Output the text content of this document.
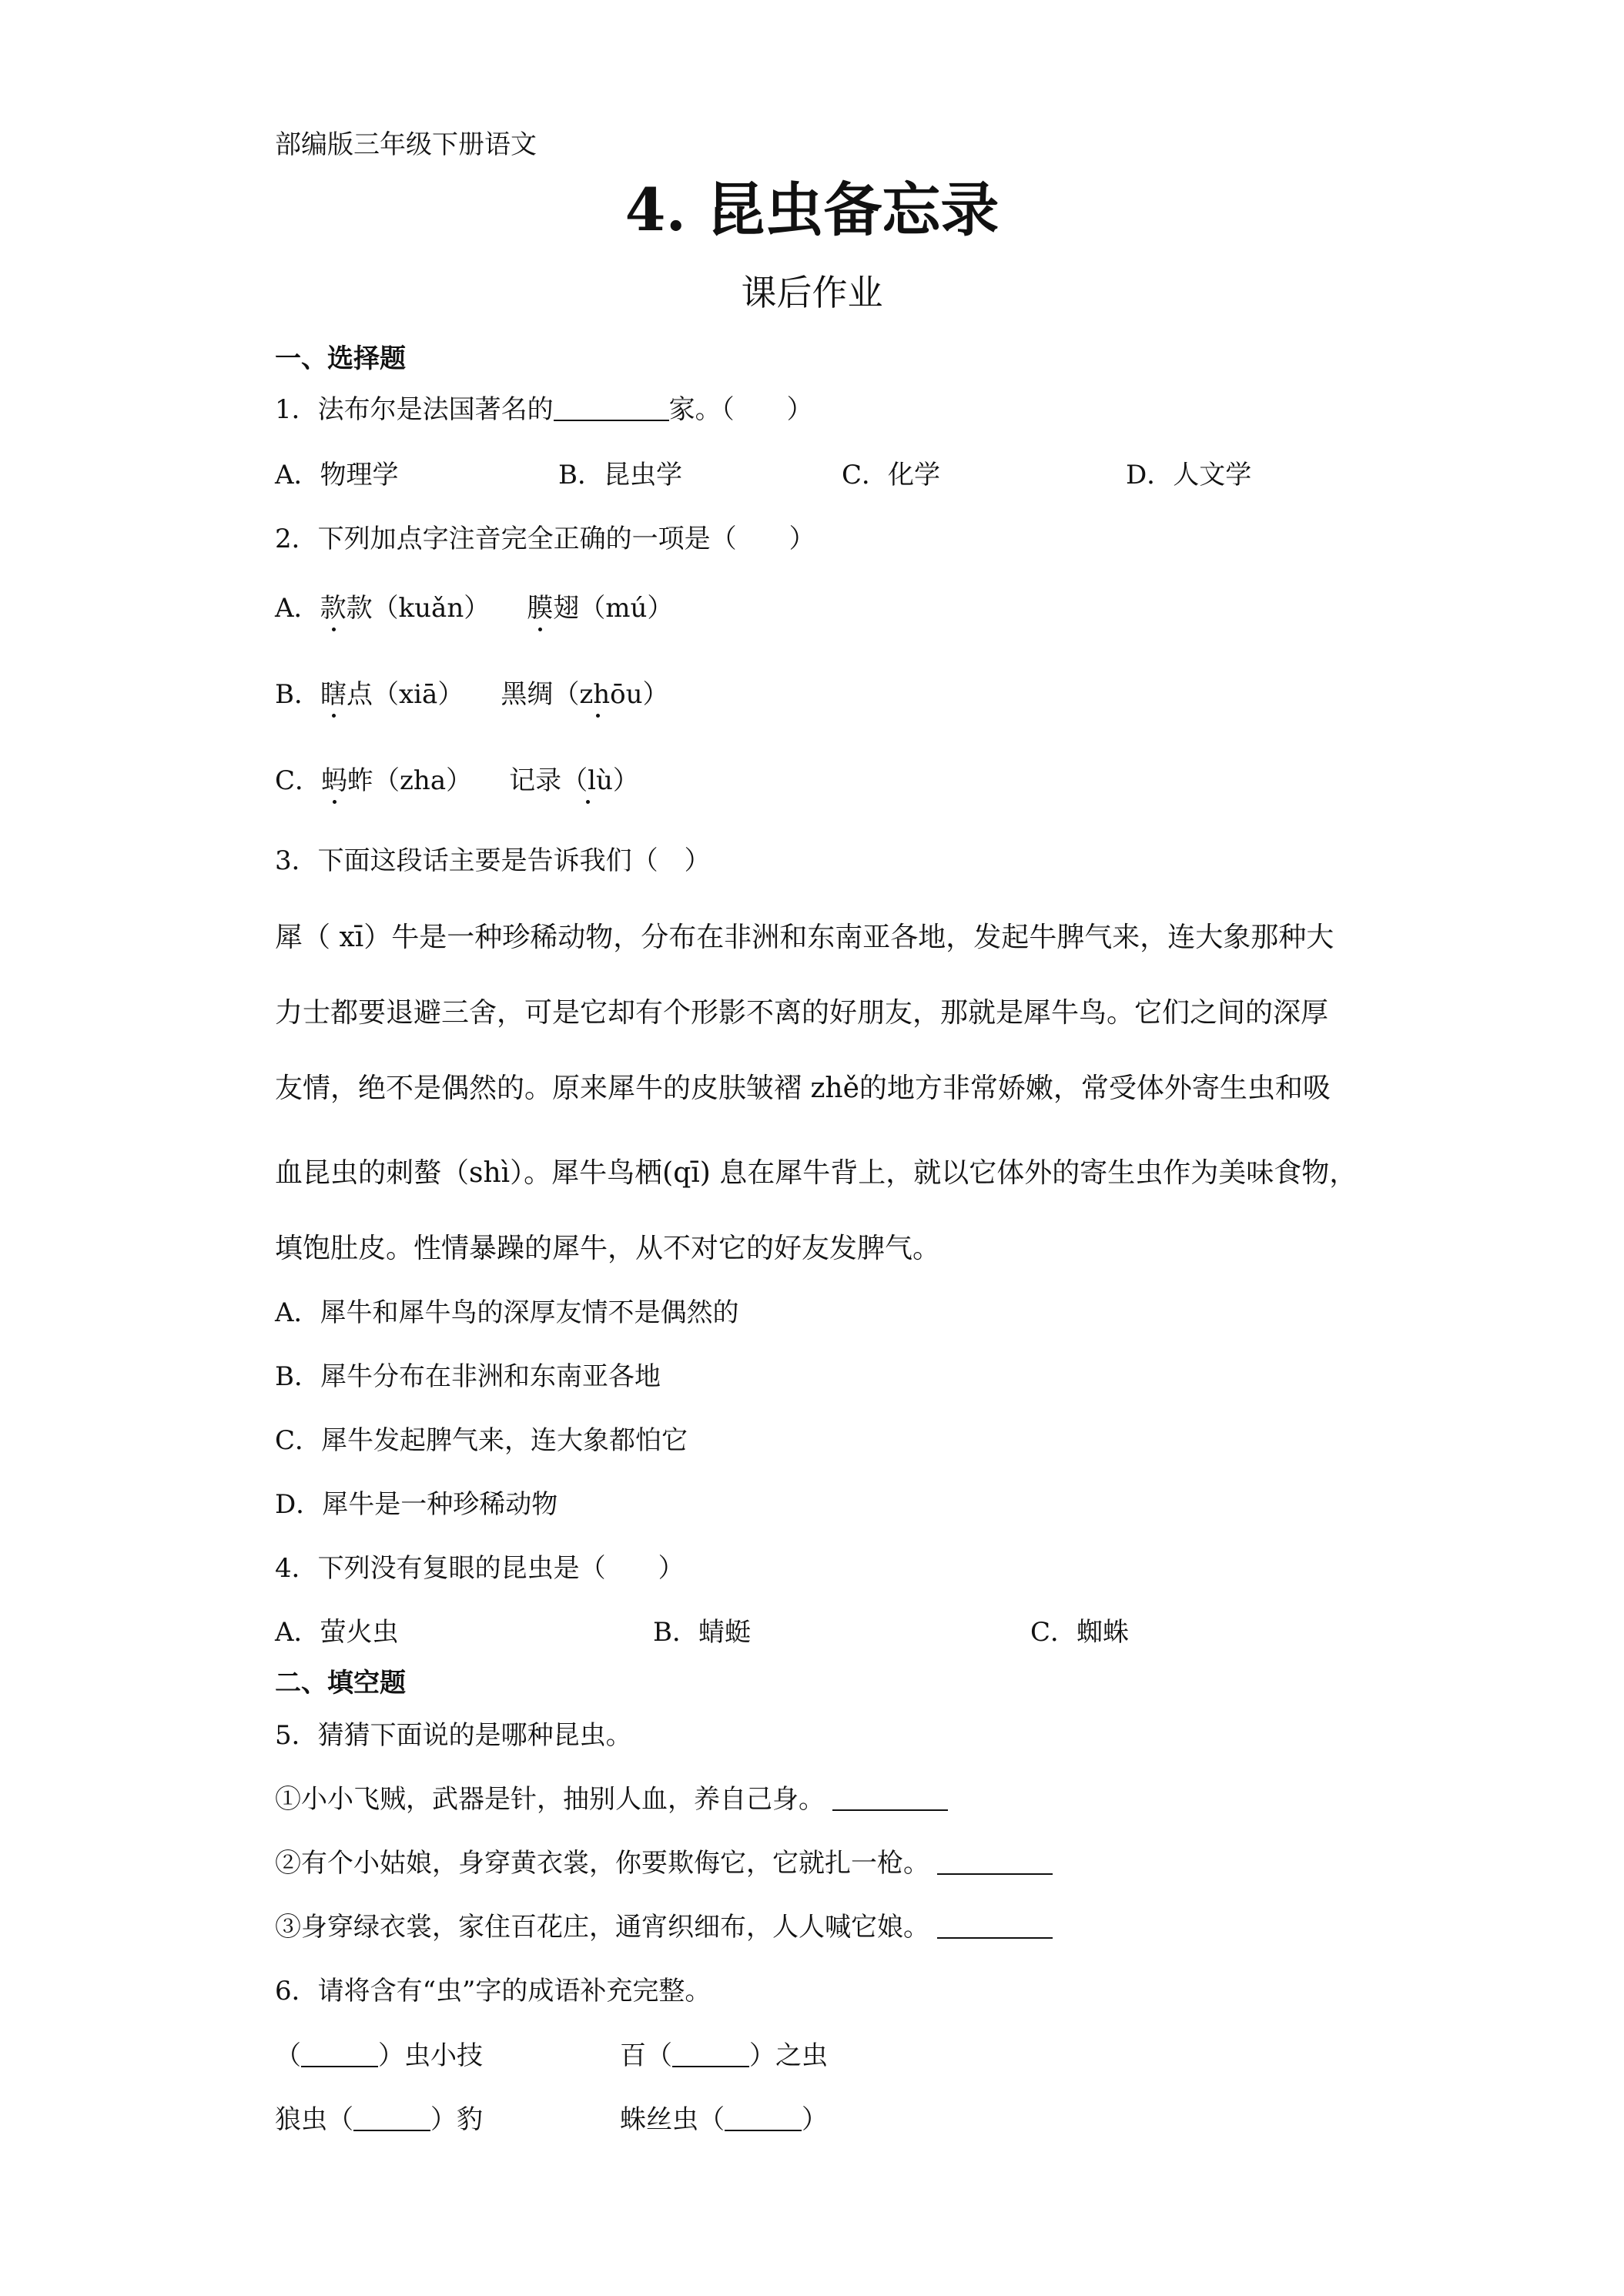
部编版三年级下册语文
4. 昆虫备忘录
课后作业
一、选择题
1．法布尔是法国著名的	家。（　　）
A．物理学	B．昆虫学	C．化学	D．人文学
2．下列加点字注音完全正确的一项是（　　）
A．款款（kuǎn） 膜翅（mú）
B．瞎点（xiā） 黑绸（zhōu）
C．蚂蚱（zha） 记录（lù）
3．下面这段话主要是告诉我们（　）
犀（ xī）牛是一种珍稀动物，分布在非洲和东南亚各地，发起牛脾气来，连大象那种大
力士都要退避三舍，可是它却有个形影不离的好朋友，那就是犀牛鸟。它们之间的深厚
友情，绝不是偶然的。原来犀牛的皮肤皱褶 zhě的地方非常娇嫩，常受体外寄生虫和吸
血昆虫的刺螯（shì）。犀牛鸟栖(qī) 息在犀牛背上，就以它体外的寄生虫作为美味食物，
填饱肚皮。性情暴躁的犀牛，从不对它的好友发脾气。
A．犀牛和犀牛鸟的深厚友情不是偶然的
B．犀牛分布在非洲和东南亚各地
C．犀牛发起脾气来，连大象都怕它
D．犀牛是一种珍稀动物
4．下列没有复眼的昆虫是（　　）
A．萤火虫	B．蜻蜓	C．蜘蛛
二、填空题
5．猜猜下面说的是哪种昆虫。
①小小飞贼，武器是针，抽别人血，养自己身。
②有个小姑娘，身穿黄衣裳，你要欺侮它，它就扎一枪。
③身穿绿衣裳，家住百花庄，通宵织细布，人人喊它娘。
6．请将含有“虫”字的成语补充完整。
（	）虫小技	百（	）之虫
狼虫（	）豹	蛛丝虫（	）
